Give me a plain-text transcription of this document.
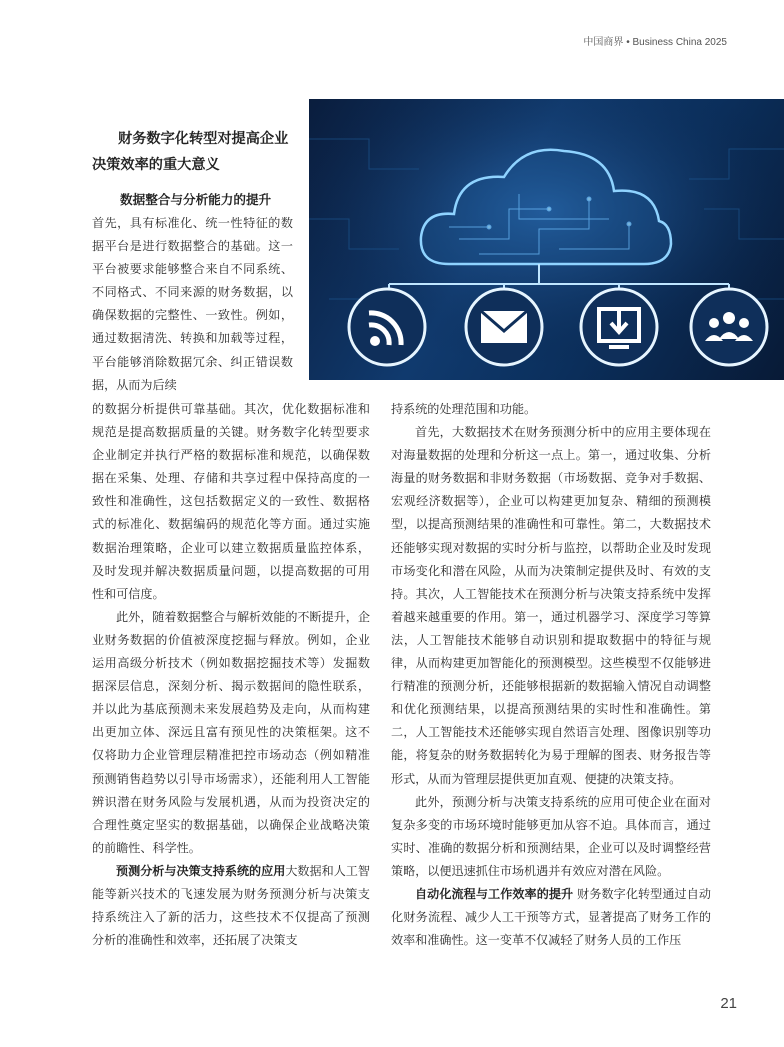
中国商界 • Business China 2025
财务数字化转型对提高企业决策效率的重大意义
数据整合与分析能力的提升

首先，具有标准化、统一性特征的数据平台是进行数据整合的基础。这一平台被要求能够整合来自不同系统、不同格式、不同来源的财务数据，以确保数据的完整性、一致性。例如，通过数据清洗、转换和加载等过程，平台能够消除数据冗余、纠正错误数据，从而为后续

的数据分析提供可靠基础。其次，优化数据标准和规范是提高数据质量的关键。财务数字化转型要求企业制定并执行严格的数据标准和规范，以确保数据在采集、处理、存储和共享过程中保持高度的一致性和准确性，这包括数据定义的一致性、数据格式的标准化、数据编码的规范化等方面。通过实施数据治理策略，企业可以建立数据质量监控体系，及时发现并解决数据质量问题，以提高数据的可用性和可信度。

此外，随着数据整合与解析效能的不断提升，企业财务数据的价值被深度挖掘与释放。例如，企业运用高级分析技术（例如数据挖掘技术等）发掘数据深层信息，深刻分析、揭示数据间的隐性联系，并以此为基底预测未来发展趋势及走向，从而构建出更加立体、深远且富有预见性的决策框架。这不仅将助力企业管理层精准把控市场动态（例如精准预测销售趋势以引导市场需求），还能利用人工智能辨识潜在财务风险与发展机遇，从而为投资决定的合理性奠定坚实的数据基础，以确保企业战略决策的前瞻性、科学性。

预测分析与决策支持系统的应用大数据和人工智能等新兴技术的飞速发展为财务预测分析与决策支持系统注入了新的活力，这些技术不仅提高了预测分析的准确性和效率，还拓展了决策支

持系统的处理范围和功能。

首先，大数据技术在财务预测分析中的应用主要体现在对海量数据的处理和分析这一点上。第一，通过收集、分析海量的财务数据和非财务数据（市场数据、竞争对手数据、宏观经济数据等），企业可以构建更加复杂、精细的预测模型，以提高预测结果的准确性和可靠性。第二，大数据技术还能够实现对数据的实时分析与监控，以帮助企业及时发现市场变化和潜在风险，从而为决策制定提供及时、有效的支持。其次，人工智能技术在预测分析与决策支持系统中发挥着越来越重要的作用。第一，通过机器学习、深度学习等算法，人工智能技术能够自动识别和提取数据中的特征与规律，从而构建更加智能化的预测模型。这些模型不仅能够进行精准的预测分析，还能够根据新的数据输入情况自动调整和优化预测结果，以提高预测结果的实时性和准确性。第二，人工智能技术还能够实现自然语言处理、图像识别等功能，将复杂的财务数据转化为易于理解的图表、财务报告等形式，从而为管理层提供更加直观、便捷的决策支持。

此外，预测分析与决策支持系统的应用可使企业在面对复杂多变的市场环境时能够更加从容不迫。具体而言，通过实时、准确的数据分析和预测结果，企业可以及时调整经营策略，以便迅速抓住市场机遇并有效应对潜在风险。

自动化流程与工作效率的提升 财务数字化转型通过自动化财务流程、减少人工干预等方式，显著提高了财务工作的效率和准确性。这一变革不仅减轻了财务人员的工作压

21
